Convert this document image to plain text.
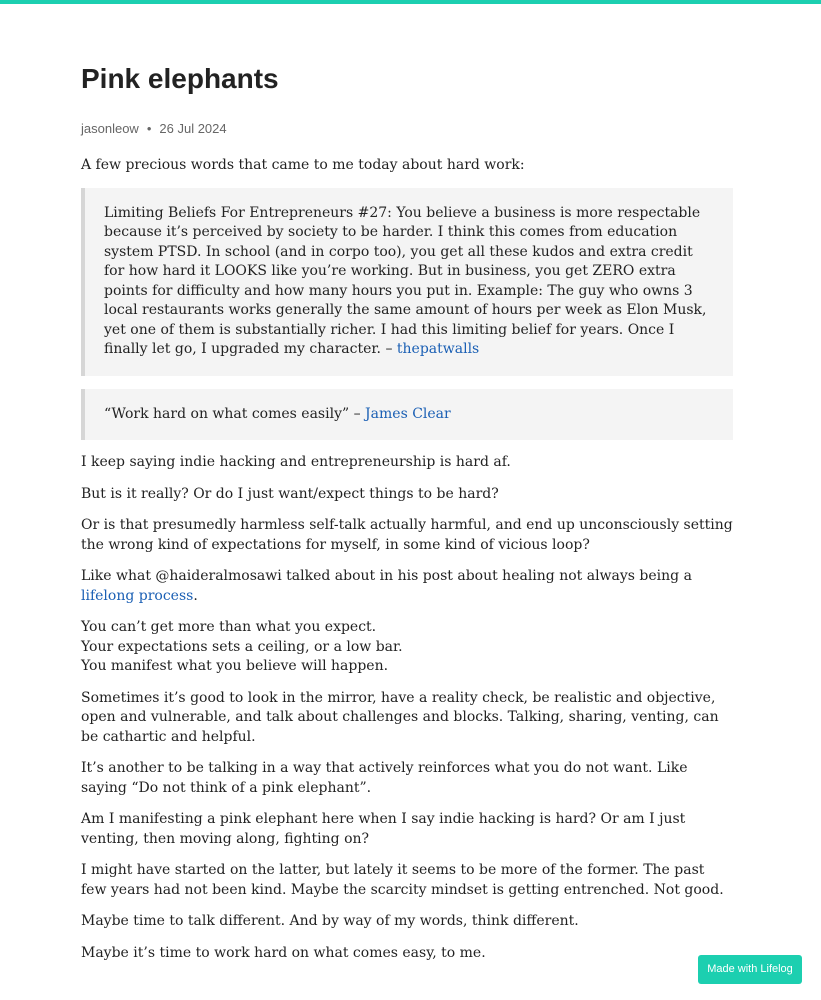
Pink elephants
jasonleow • 26 Jul 2024

A few precious words that came to me today about hard work:

Limiting Beliefs For Entrepreneurs #27: You believe a business is more respectable because it’s perceived by society to be harder. I think this comes from education system PTSD. In school (and in corpo too), you get all these kudos and extra credit for how hard it LOOKS like you’re working. But in business, you get ZERO extra points for difficulty and how many hours you put in. Example: The guy who owns 3 local restaurants works generally the same amount of hours per week as Elon Musk, yet one of them is substantially richer. I had this limiting belief for years. Once I finally let go, I upgraded my character. – thepatwalls

“Work hard on what comes easily” – James Clear

I keep saying indie hacking and entrepreneurship is hard af.

But is it really? Or do I just want/expect things to be hard?

Or is that presumedly harmless self-talk actually harmful, and end up unconsciously setting the wrong kind of expectations for myself, in some kind of vicious loop?

Like what @haideralmosawi talked about in his post about healing not always being a lifelong process.

You can’t get more than what you expect.
Your expectations sets a ceiling, or a low bar.
You manifest what you believe will happen.

Sometimes it’s good to look in the mirror, have a reality check, be realistic and objective, open and vulnerable, and talk about challenges and blocks. Talking, sharing, venting, can be cathartic and helpful.

It’s another to be talking in a way that actively reinforces what you do not want. Like saying “Do not think of a pink elephant”.

Am I manifesting a pink elephant here when I say indie hacking is hard? Or am I just venting, then moving along, fighting on?

I might have started on the latter, but lately it seems to be more of the former. The past few years had not been kind. Maybe the scarcity mindset is getting entrenched. Not good.

Maybe time to talk different. And by way of my words, think different.

Maybe it’s time to work hard on what comes easy, to me.

Made with Lifelog
